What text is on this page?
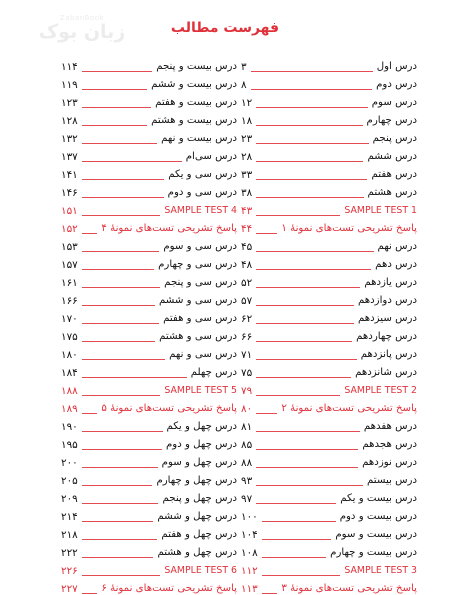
ZabanBook
زبان بوک	فهرست مطالب
۳	درس اول
۸	درس دوم
۱۲	درس سوم
۱۸	درس چهارم
۲۳	درس پنجم
۲۸	درس ششم
۳۳	درس هفتم
۳۸	درس هشتم
۴۳	SAMPLE TEST 1
۴۴	پاسخ تشریحی تست‌های نمونهٔ ۱
۴۵	درس نهم
۴۸	درس دهم
۵۲	درس یازدهم
۵۷	درس دوازدهم
۶۲	درس سیزدهم
۶۶	درس چهاردهم
۷۱	درس پانزدهم
۷۵	درس شانزدهم
۷۹	SAMPLE TEST 2
۸۰	پاسخ تشریحی تست‌های نمونهٔ ۲
۸۱	درس هفدهم
۸۵	درس هجدهم
۸۸	درس نوزدهم
۹۳	درس بیستم
۹۷	درس بیست و یکم
۱۰۰	درس بیست و دوم
۱۰۴	درس بیست و سوم
۱۰۸	درس بیست و چهارم
۱۱۲	SAMPLE TEST 3
۱۱۳	پاسخ تشریحی تست‌های نمونهٔ ۳
۱۱۴	درس بیست و پنجم
۱۱۹	درس بیست و ششم
۱۲۳	درس بیست و هفتم
۱۲۸	درس بیست و هشتم
۱۳۲	درس بیست و نهم
۱۳۷	درس سی‌ام
۱۴۱	درس سی و یکم
۱۴۶	درس سی و دوم
۱۵۱	SAMPLE TEST 4
۱۵۲	پاسخ تشریحی تست‌های نمونهٔ ۴
۱۵۳	درس سی و سوم
۱۵۷	درس سی و چهارم
۱۶۱	درس سی و پنجم
۱۶۶	درس سی و ششم
۱۷۰	درس سی و هفتم
۱۷۵	درس سی و هشتم
۱۸۰	درس سی و نهم
۱۸۴	درس چهلم
۱۸۸	SAMPLE TEST 5
۱۸۹	پاسخ تشریحی تست‌های نمونهٔ ۵
۱۹۰	درس چهل و یکم
۱۹۵	درس چهل و دوم
۲۰۰	درس چهل و سوم
۲۰۵	درس چهل و چهارم
۲۰۹	درس چهل و پنجم
۲۱۴	درس چهل و ششم
۲۱۸	درس چهل و هفتم
۲۲۲	درس چهل و هشتم
۲۲۶	SAMPLE TEST 6
۲۲۷	پاسخ تشریحی تست‌های نمونهٔ ۶
